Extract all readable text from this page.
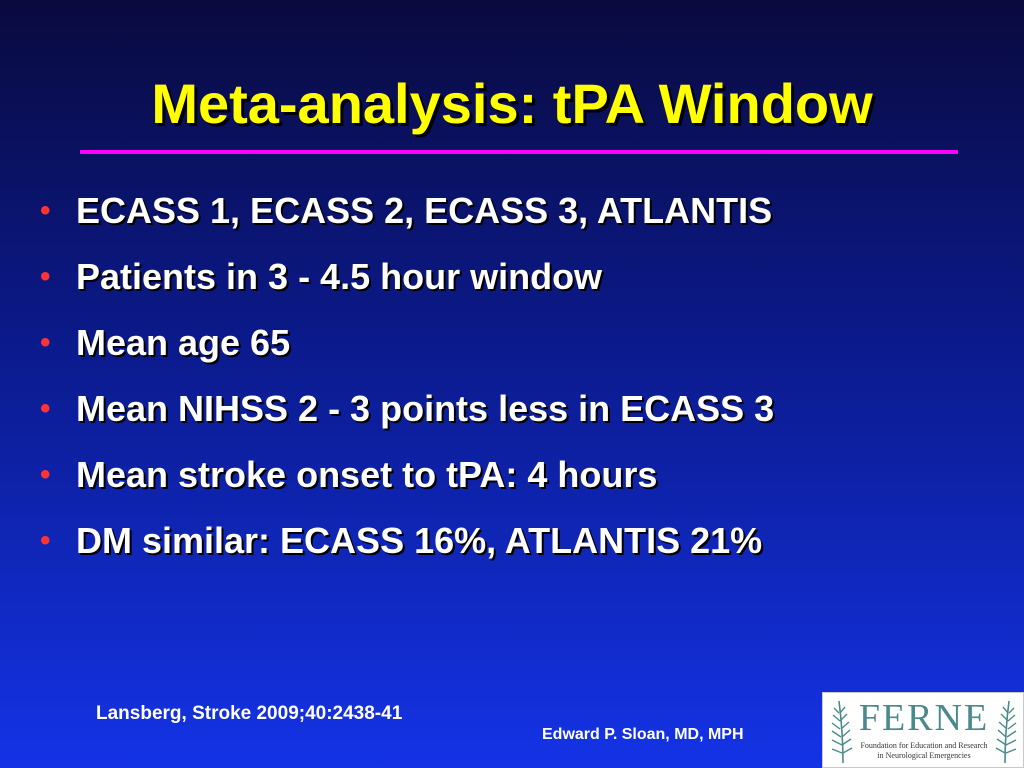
Meta-analysis: tPA Window
• ECASS 1, ECASS 2, ECASS 3, ATLANTIS
• Patients in 3 - 4.5 hour window
• Mean age 65
• Mean NIHSS 2 - 3 points less in ECASS 3
• Mean stroke onset to tPA: 4 hours
• DM similar: ECASS 16%, ATLANTIS 21%
Lansberg, Stroke 2009;40:2438-41
Edward P. Sloan, MD, MPH	FERNE
Foundation for Education and Research
in Neurological Emergencies
